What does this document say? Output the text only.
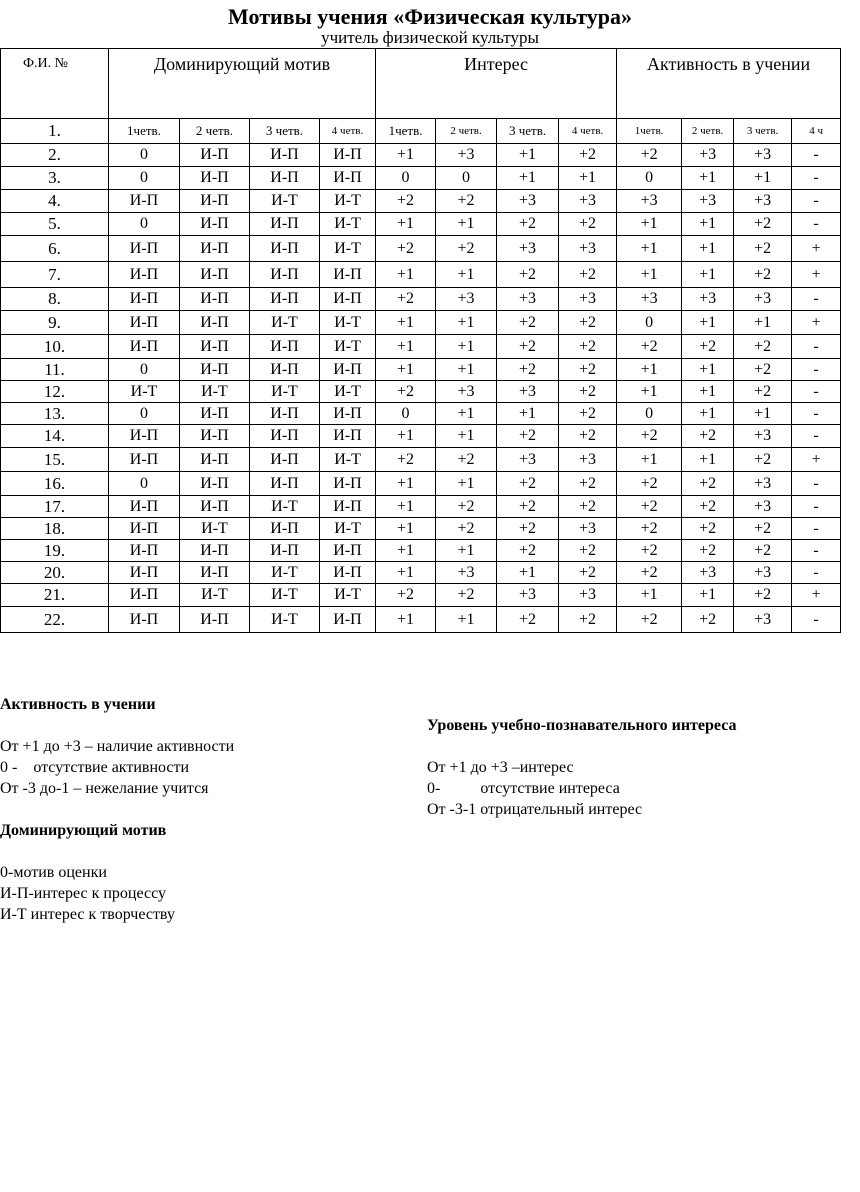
Мотивы учения «Физическая культура»
учитель физической культуры
Ф.И. №	Доминирующий мотив				Интерес				Активность в учении			
1.	1четв.	2 четв.	3 четв.	4 четв.	1четв.	2 четв.	3 четв.	4 четв.	1четв.	2 четв.	3 четв.	4 ч
2.	0	И-П	И-П	И-П	+1	+3	+1	+2	+2	+3	+3	-
3.	0	И-П	И-П	И-П	0	0	+1	+1	0	+1	+1	-
4.	И-П	И-П	И-Т	И-Т	+2	+2	+3	+3	+3	+3	+3	-
5.	0	И-П	И-П	И-Т	+1	+1	+2	+2	+1	+1	+2	-
6.	И-П	И-П	И-П	И-Т	+2	+2	+3	+3	+1	+1	+2	+
7.	И-П	И-П	И-П	И-П	+1	+1	+2	+2	+1	+1	+2	+
8.	И-П	И-П	И-П	И-П	+2	+3	+3	+3	+3	+3	+3	-
9.	И-П	И-П	И-Т	И-Т	+1	+1	+2	+2	0	+1	+1	+
10.	И-П	И-П	И-П	И-Т	+1	+1	+2	+2	+2	+2	+2	-
11.	0	И-П	И-П	И-П	+1	+1	+2	+2	+1	+1	+2	-
12.	И-Т	И-Т	И-Т	И-Т	+2	+3	+3	+2	+1	+1	+2	-
13.	0	И-П	И-П	И-П	0	+1	+1	+2	0	+1	+1	-
14.	И-П	И-П	И-П	И-П	+1	+1	+2	+2	+2	+2	+3	-
15.	И-П	И-П	И-П	И-Т	+2	+2	+3	+3	+1	+1	+2	+
16.	0	И-П	И-П	И-П	+1	+1	+2	+2	+2	+2	+3	-
17.	И-П	И-П	И-Т	И-П	+1	+2	+2	+2	+2	+2	+3	-
18.	И-П	И-Т	И-П	И-Т	+1	+2	+2	+3	+2	+2	+2	-
19.	И-П	И-П	И-П	И-П	+1	+1	+2	+2	+2	+2	+2	-
20.	И-П	И-П	И-Т	И-П	+1	+3	+1	+2	+2	+3	+3	-
21.	И-П	И-Т	И-Т	И-Т	+2	+2	+3	+3	+1	+1	+2	+
22.	И-П	И-П	И-Т	И-П	+1	+1	+2	+2	+2	+2	+3	-
Активность в учении
От +1 до +3 – наличие активности
0 -    отсутствие активности
От -3 до-1 – нежелание учится
Доминирующий мотив
0-мотив оценки
И-П-интерес к процессу
И-Т интерес к творчеству
Уровень учебно-познавательного интереса
От +1 до +3 –интерес
0-          отсутствие интереса
От -3-1 отрицательный интерес
